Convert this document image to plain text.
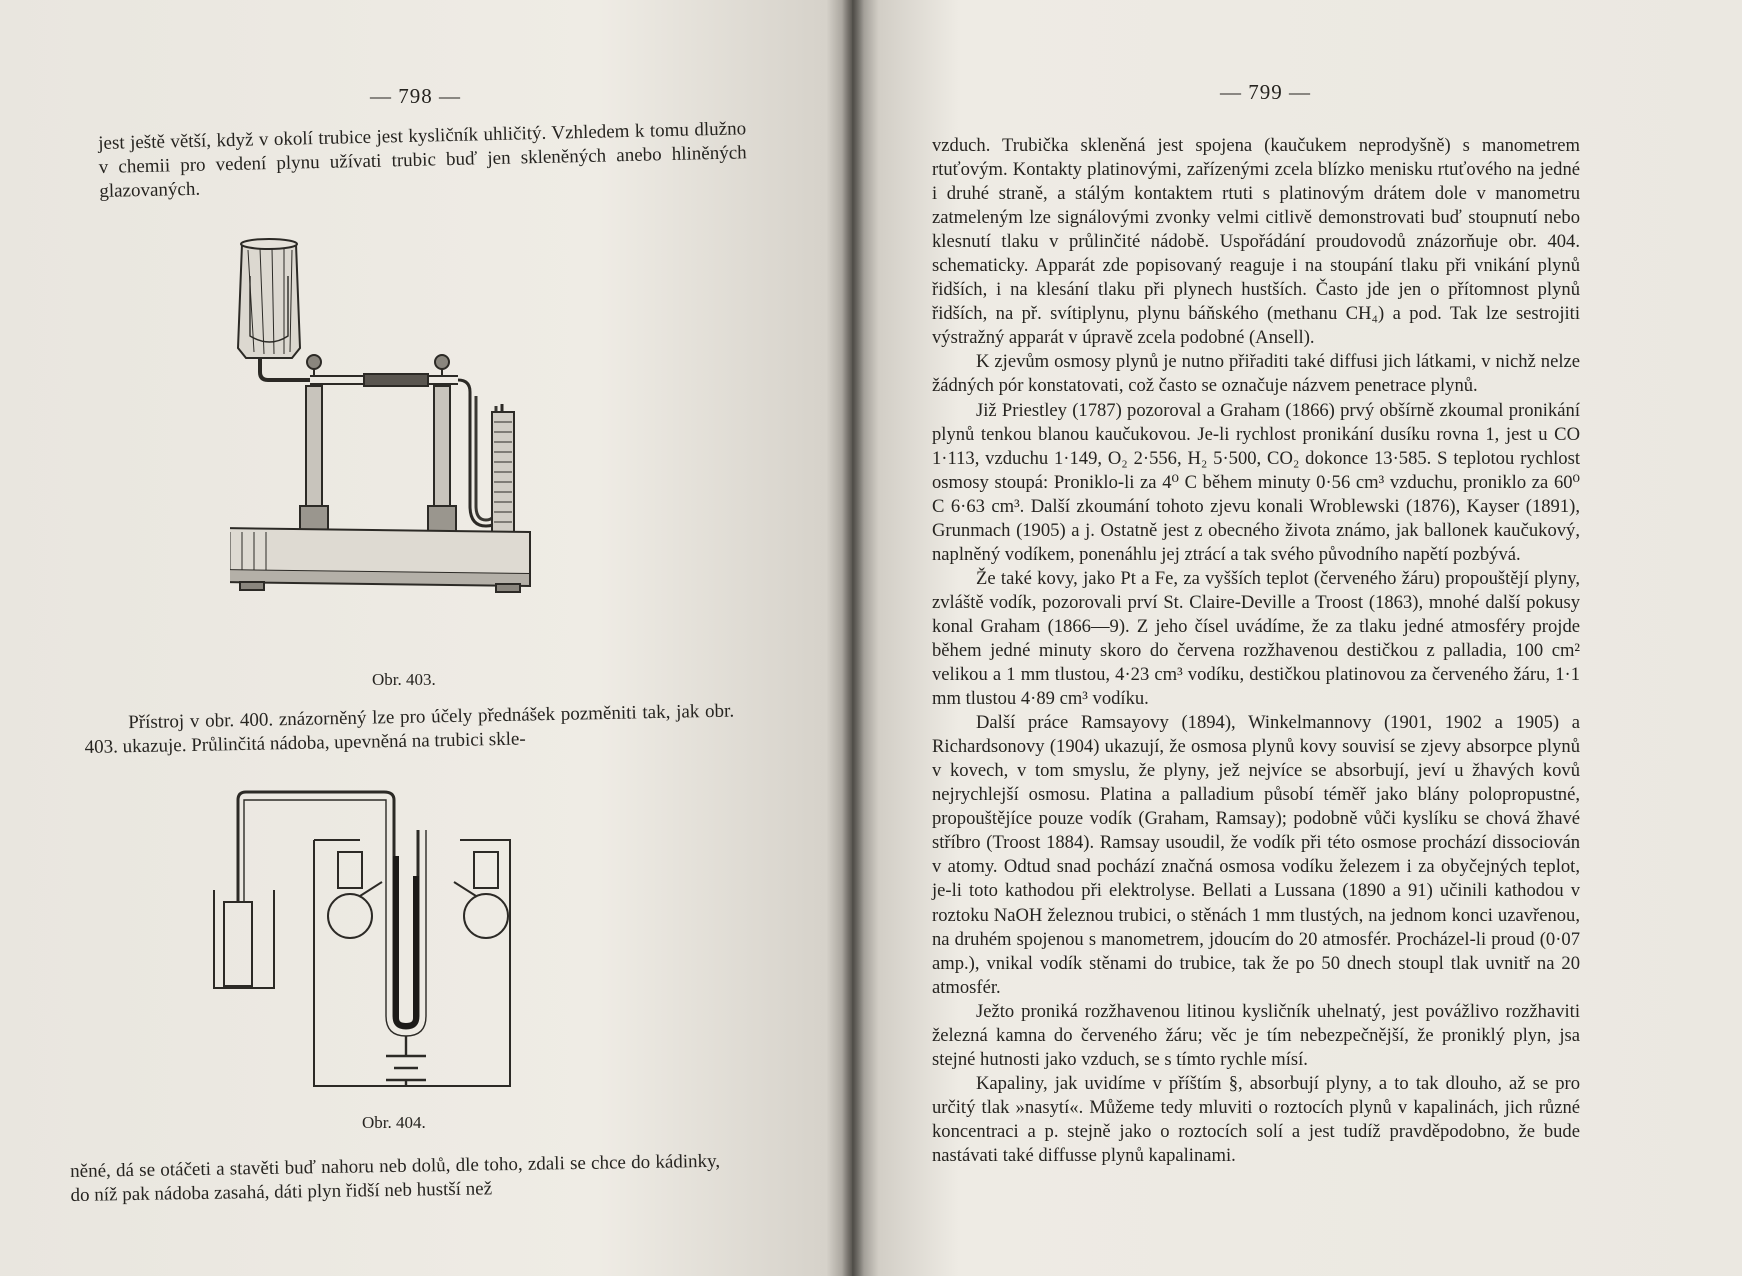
— 798 —

jest ještě větší, když v okolí trubice jest kysličník uhličitý. Vzhledem k tomu dlužno v chemii pro vedení plynu užívati trubic buď jen skleněných anebo hliněných glazovaných.

Obr. 403.

Přístroj v obr. 400. znázorněný lze pro účely přednášek pozměniti tak, jak obr. 403. ukazuje. Průlinčitá nádoba, upevněná na trubici skle-

Obr. 404.

něné, dá se otáčeti a stavěti buď nahoru neb dolů, dle toho, zdali se chce do kádinky, do níž pak nádoba zasahá, dáti plyn řidší neb hustší než

— 799 —

vzduch. Trubička skleněná jest spojena (kaučukem neprodyšně) s manometrem rtuťovým. Kontakty platinovými, zařízenými zcela blízko menisku rtuťového na jedné i druhé straně, a stálým kontaktem rtuti s platinovým drátem dole v manometru zatmeleným lze signálovými zvonky velmi citlivě demonstrovati buď stoupnutí nebo klesnutí tlaku v průlinčité nádobě. Uspořádání proudovodů znázorňuje obr. 404. schematicky. Apparát zde popisovaný reaguje i na stoupání tlaku při vnikání plynů řidších, i na klesání tlaku při plynech hustších. Často jde jen o přítomnost plynů řidších, na př. svítiplynu, plynu báňského (methanu CH₄) a pod. Tak lze sestrojiti výstražný apparát v úpravě zcela podobné (Ansell).

K zjevům osmosy plynů je nutno přiřaditi také diffusi jich látkami, v nichž nelze žádných pór konstatovati, což často se označuje názvem penetrace plynů.

Již Priestley (1787) pozoroval a Graham (1866) prvý obšírně zkoumal pronikání plynů tenkou blanou kaučukovou. Je-li rychlost pronikání dusíku rovna 1, jest u CO 1·113, vzduchu 1·149, O₂ 2·556, H₂ 5·500, CO₂ dokonce 13·585. S teplotou rychlost osmosy stoupá: Proniklo-li za 4⁰ C během minuty 0·56 cm³ vzduchu, proniklo za 60⁰ C 6·63 cm³. Další zkoumání tohoto zjevu konali Wroblewski (1876), Kayser (1891), Grunmach (1905) a j. Ostatně jest z obecného života známo, jak ballonek kaučukový, naplněný vodíkem, ponenáhlu jej ztrácí a tak svého původního napětí pozbývá.

Že také kovy, jako Pt a Fe, za vyšších teplot (červeného žáru) propouštějí plyny, zvláště vodík, pozorovali prví St. Claire-Deville a Troost (1863), mnohé další pokusy konal Graham (1866—9). Z jeho čísel uvádíme, že za tlaku jedné atmosféry projde během jedné minuty skoro do červena rozžhavenou destičkou z palladia, 100 cm² velikou a 1 mm tlustou, 4·23 cm³ vodíku, destičkou platinovou za červeného žáru, 1·1 mm tlustou 4·89 cm³ vodíku.

Další práce Ramsayovy (1894), Winkelmannovy (1901, 1902 a 1905) a Richardsonovy (1904) ukazují, že osmosa plynů kovy souvisí se zjevy absorpce plynů v kovech, v tom smyslu, že plyny, jež nejvíce se absorbují, jeví u žhavých kovů nejrychlejší osmosu. Platina a palladium působí téměř jako blány polopropustné, propouštějíce pouze vodík (Graham, Ramsay); podobně vůči kyslíku se chová žhavé stříbro (Troost 1884). Ramsay usoudil, že vodík při této osmose prochází dissociován v atomy. Odtud snad pochází značná osmosa vodíku železem i za obyčejných teplot, je-li toto kathodou při elektrolyse. Bellati a Lussana (1890 a 91) učinili kathodou v roztoku NaOH železnou trubici, o stěnách 1 mm tlustých, na jednom konci uzavřenou, na druhém spojenou s manometrem, jdoucím do 20 atmosfér. Procházel-li proud (0·07 amp.), vnikal vodík stěnami do trubice, tak že po 50 dnech stoupl tlak uvnitř na 20 atmosfér.

Ježto proniká rozžhavenou litinou kysličník uhelnatý, jest povážlivo rozžhaviti železná kamna do červeného žáru; věc je tím nebezpečnější, že proniklý plyn, jsa stejné hutnosti jako vzduch, se s tímto rychle mísí.

Kapaliny, jak uvidíme v příštím §, absorbují plyny, a to tak dlouho, až se pro určitý tlak »nasytí«. Můžeme tedy mluviti o roztocích plynů v kapalinách, jich různé koncentraci a p. stejně jako o roztocích solí a jest tudíž pravděpodobno, že bude nastávati také diffusse plynů kapalinami.
